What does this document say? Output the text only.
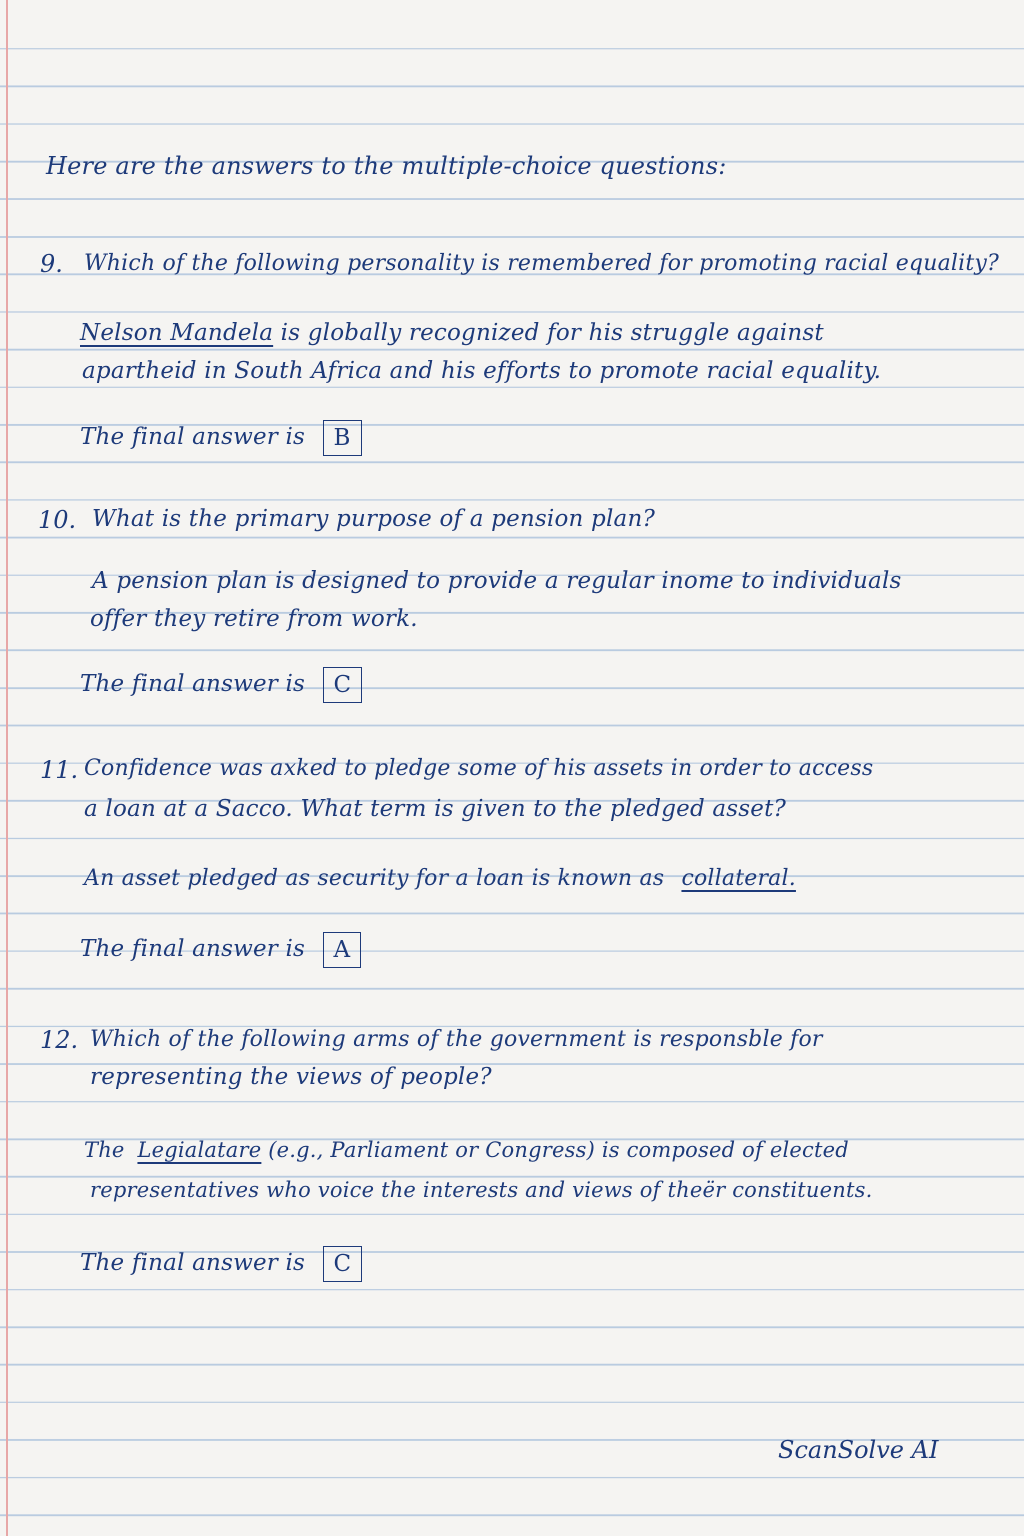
Here are the answers to the multiple-choice questions:
9. Which of the following personality is remembered for promoting racial equality?
Nelson Mandela is globally recognized for his struggle against
apartheid in South Africa and his efforts to promote racial equality.
The final answer is B
10. What is the primary purpose of a pension plan?
A pension plan is designed to provide a regular inome to individuals
offer they retire from work.
The final answer is C
11. Confidence was axked to pledge some of his assets in order to access
a loan at a Sacco. What term is given to the pledged asset?
An asset pledged as security for a loan is known as collateral.
The final answer is A
12. Which of the following arms of the government is responsble for
representing the views of people?
The Legialatare (e.g., Parliament or Congress) is composed of elected
representatives who voice the interests and views of theër constituents.
The final answer is C
ScanSolve AI
